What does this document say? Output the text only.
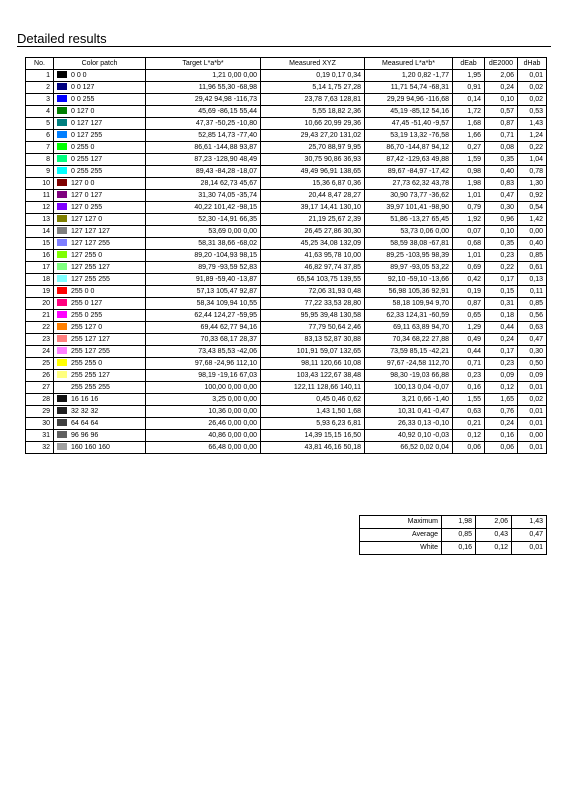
Detailed results
No.	Color patch	Target L*a*b*	Measured XYZ	Measured L*a*b*	dEab	dE2000	dHab
1	0 0 0	1,21 0,00 0,00	0,19 0,17 0,34	1,20 0,82 -1,77	1,95	2,06	0,01
2	0 0 127	11,96 55,30 -68,98	5,14 1,75 27,28	11,71 54,74 -68,31	0,91	0,24	0,02
3	0 0 255	29,42 94,98 -116,73	23,78 7,63 128,81	29,29 94,96 -116,68	0,14	0,10	0,02
4	0 127 0	45,69 -86,15 55,44	5,55 18,82 2,36	45,19 -85,12 54,16	1,72	0,57	0,53
5	0 127 127	47,37 -50,25 -10,80	10,66 20,99 29,36	47,45 -51,40 -9,57	1,68	0,87	1,43
6	0 127 255	52,85 14,73 -77,40	29,43 27,20 131,02	53,19 13,32 -76,58	1,66	0,71	1,24
7	0 255 0	86,61 -144,88 93,87	25,70 88,97 9,95	86,70 -144,87 94,12	0,27	0,08	0,22
8	0 255 127	87,23 -128,90 48,49	30,75 90,86 36,93	87,42 -129,63 49,88	1,59	0,35	1,04
9	0 255 255	89,43 -84,28 -18,07	49,49 96,91 138,65	89,67 -84,97 -17,42	0,98	0,40	0,78
10	127 0 0	28,14 62,73 45,67	15,36 6,87 0,36	27,73 62,32 43,78	1,98	0,83	1,30
11	127 0 127	31,30 74,05 -35,74	20,44 8,47 28,27	30,90 73,77 -36,62	1,01	0,47	0,92
12	127 0 255	40,22 101,42 -98,15	39,17 14,41 130,10	39,97 101,41 -98,90	0,79	0,30	0,54
13	127 127 0	52,30 -14,91 66,35	21,19 25,67 2,39	51,86 -13,27 65,45	1,92	0,96	1,42
14	127 127 127	53,69 0,00 0,00	26,45 27,86 30,30	53,73 0,06 0,00	0,07	0,10	0,00
15	127 127 255	58,31 38,66 -68,02	45,25 34,08 132,09	58,59 38,08 -67,81	0,68	0,35	0,40
16	127 255 0	89,20 -104,93 98,15	41,63 95,78 10,00	89,25 -103,95 98,39	1,01	0,23	0,85
17	127 255 127	89,79 -93,59 52,83	46,82 97,74 37,85	89,97 -93,05 53,22	0,69	0,22	0,61
18	127 255 255	91,89 -59,40 -13,87	65,54 103,75 139,55	92,10 -59,10 -13,66	0,42	0,17	0,13
19	255 0 0	57,13 105,47 92,87	72,06 31,93 0,48	56,98 105,36 92,91	0,19	0,15	0,11
20	255 0 127	58,34 109,94 10,55	77,22 33,53 28,80	58,18 109,94 9,70	0,87	0,31	0,85
21	255 0 255	62,44 124,27 -59,95	95,95 39,48 130,58	62,33 124,31 -60,59	0,65	0,18	0,56
22	255 127 0	69,44 62,77 94,16	77,79 50,64 2,46	69,11 63,89 94,70	1,29	0,44	0,63
23	255 127 127	70,33 68,17 28,37	83,13 52,87 30,88	70,34 68,22 27,88	0,49	0,24	0,47
24	255 127 255	73,43 85,53 -42,06	101,91 59,07 132,65	73,59 85,15 -42,21	0,44	0,17	0,30
25	255 255 0	97,68 -24,96 112,10	98,11 120,66 10,08	97,67 -24,58 112,70	0,71	0,23	0,50
26	255 255 127	98,19 -19,16 67,03	103,43 122,67 38,48	98,30 -19,03 66,88	0,23	0,09	0,09
27	255 255 255	100,00 0,00 0,00	122,11 128,66 140,11	100,13 0,04 -0,07	0,16	0,12	0,01
28	16 16 16	3,25 0,00 0,00	0,45 0,46 0,62	3,21 0,66 -1,40	1,55	1,65	0,02
29	32 32 32	10,36 0,00 0,00	1,43 1,50 1,68	10,31 0,41 -0,47	0,63	0,76	0,01
30	64 64 64	26,46 0,00 0,00	5,93 6,23 6,81	26,33 0,13 -0,10	0,21	0,24	0,01
31	96 96 96	40,86 0,00 0,00	14,39 15,15 16,50	40,92 0,10 -0,03	0,12	0,16	0,00
32	160 160 160	66,48 0,00 0,00	43,81 46,16 50,18	66,52 0,02 0,04	0,06	0,06	0,01
Maximum	1,98	2,06	1,43
Average	0,85	0,43	0,47
White	0,16	0,12	0,01
